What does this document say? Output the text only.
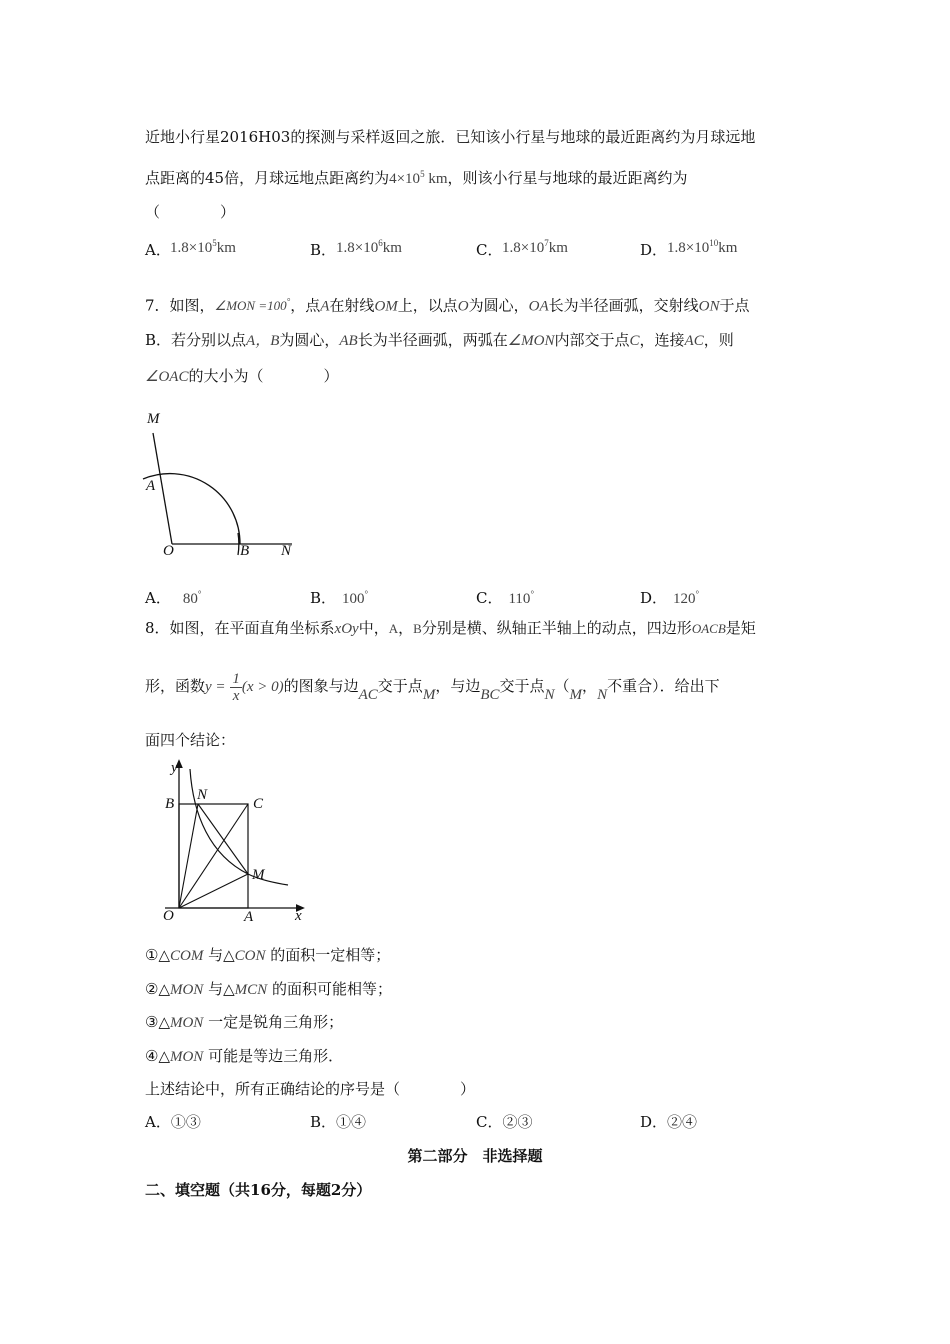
近地小行星2016H03的探测与采样返回之旅．已知该小行星与地球的最近距离约为月球远地
点距离的45倍，月球远地点距离约为$4\times 10^5$ km，则该小行星与地球的最近距离约为
（　　　　）
A． $1.8\times 10^5km$	B． $1.8\times 10^6km$	C． $1.8\times 10^7km$	D． $1.8\times 10^{10}km$
7．如图，∠MON =100°，点A在射线OM上，以点O为圆心，OA长为半径画弧，交射线ON于点
B．若分别以点A，B为圆心，AB长为半径画弧，两弧在∠MON内部交于点C，连接AC，则
∠OAC的大小为（　　　　）
M
A
O	B N
A． 80°	B． 100°	C． 110°	D． 120°
8．如图，在平面直角坐标系xOy中，A，B分别是横、纵轴正半轴上的动点，四边形OACB是矩
形，函数$y = \frac{1}{x} (x > 0)$的图象与边AC交于点M，与边BC交于点N（M，N不重合）．给出下
面四个结论：
y
B
N
C
M
O	A	x
①△COM 与△CON 的面积一定相等；
②△MON 与△MCN 的面积可能相等；
③△MON 一定是锐角三角形；
④△MON 可能是等边三角形．
上述结论中，所有正确结论的序号是（　　　　）
A．①③	B．①④	C．②③	D．②④
第二部分　非选择题
二、填空题（共16分，每题2分）
